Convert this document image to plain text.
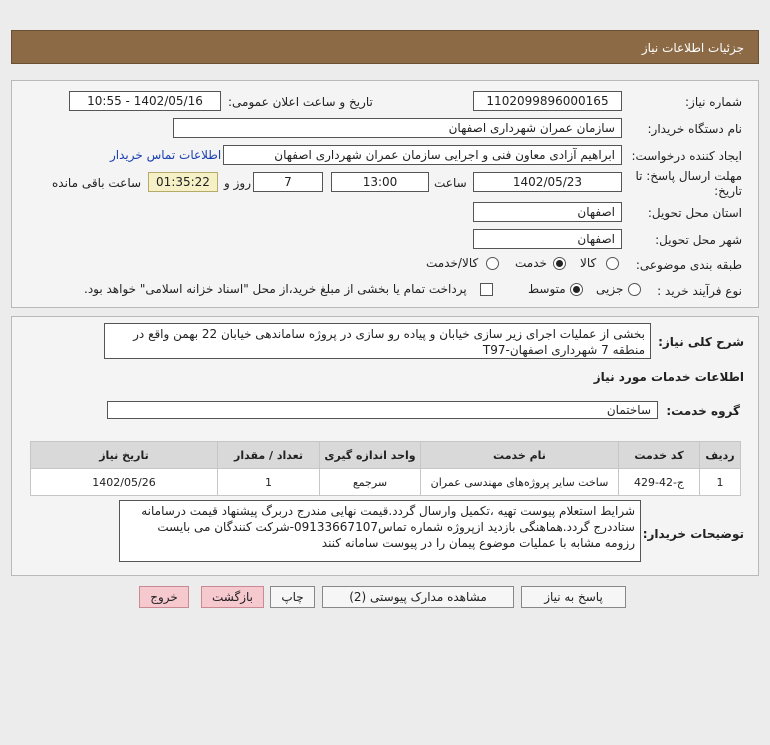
جزئیات اطلاعات نیاز
شماره نیاز:
1102099896000165
تاریخ و ساعت اعلان عمومی:
1402/05/16 - 10:55
نام دستگاه خریدار:
سازمان عمران شهرداری اصفهان
ایجاد کننده درخواست:
ابراهیم آزادی معاون فنی و اجرایی سازمان عمران شهرداری اصفهان
اطلاعات تماس خریدار
مهلت ارسال پاسخ: تا
تاریخ:
1402/05/23
ساعت
13:00
7
روز و
01:35:22
ساعت باقی مانده
استان محل تحویل:
اصفهان
شهر محل تحویل:
اصفهان
طبقه بندی موضوعی:
کالا
خدمت
کالا/خدمت
نوع فرآیند خرید :
جزیی
متوسط
پرداخت تمام یا بخشی از مبلغ خرید،از محل "اسناد خزانه اسلامی" خواهد بود.
شرح کلی نیاز:
بخشی از عملیات اجرای زیر سازی خیابان و پیاده رو سازی در پروژه ساماندهی خیابان 22 بهمن واقع در منطقه 7 شهرداری اصفهان-T97
اطلاعات خدمات مورد نیاز
گروه خدمت:
ساختمان
ردیف	کد خدمت	نام خدمت	واحد اندازه گیری	تعداد / مقدار	تاریخ نیاز
1	ج-42-429	ساخت سایر پروژه‌های مهندسی عمران	سرجمع	1	1402/05/26
توضیحات خریدار:
شرایط استعلام پیوست تهیه ،تکمیل وارسال گردد.قیمت نهایی مندرج دربرگ پیشنهاد قیمت درسامانه ستاددرج گردد.هماهنگی بازدید ازپروژه شماره تماس09133667107-شرکت کنندگان می بایست رزومه مشابه با عملیات موضوع پیمان را در پیوست سامانه کنند
پاسخ به نیاز
مشاهده مدارک پیوستی (2)
چاپ
بازگشت
خروج
